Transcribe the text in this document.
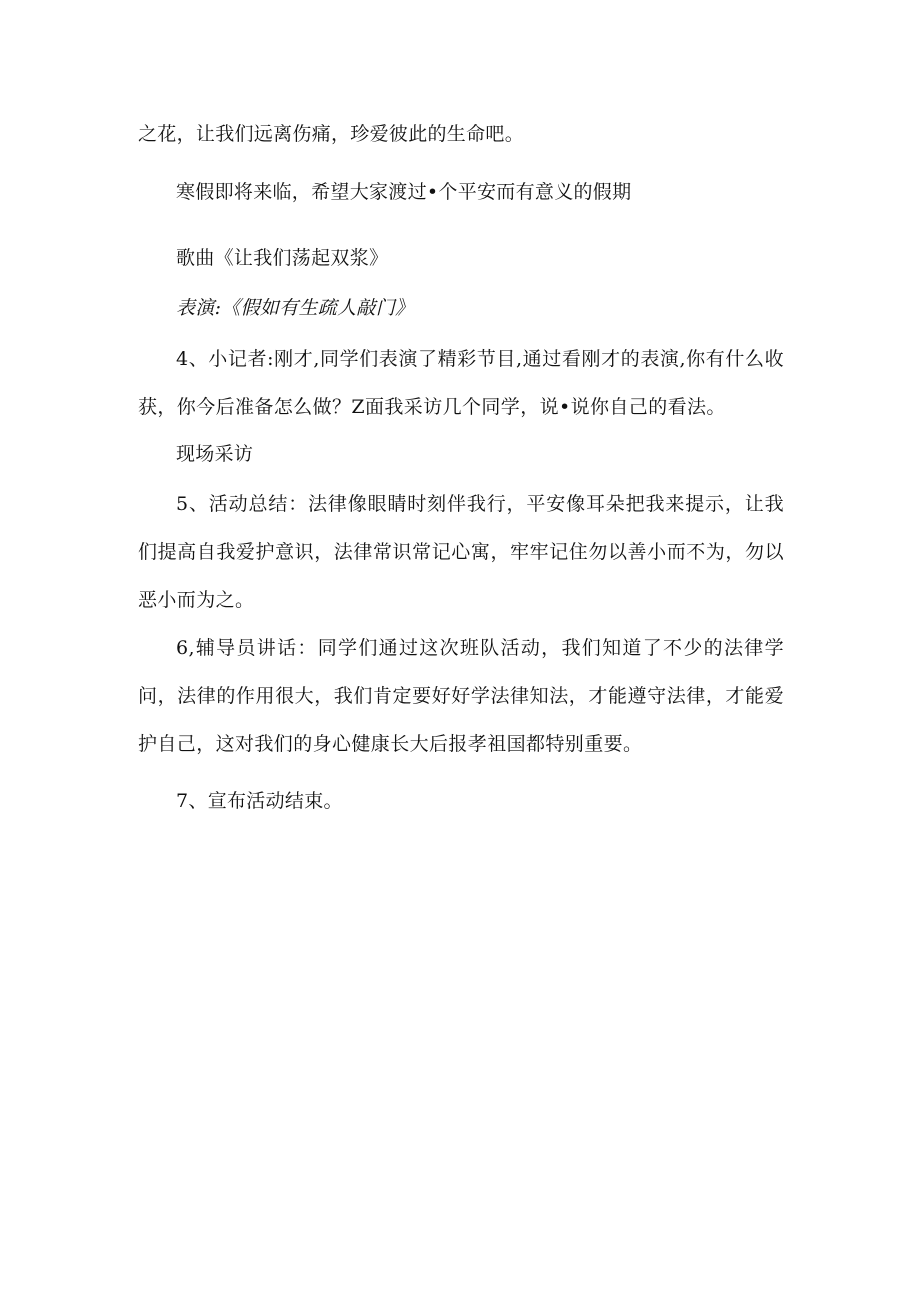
之花，让我们远离伤痛，珍爱彼此的生命吧。
寒假即将来临，希望大家渡过•个平安而有意义的假期
歌曲《让我们荡起双浆》
表演:《假如有生疏人敲门》
4、小记者:刚才,同学们表演了精彩节目,通过看刚才的表演,你有什么收获，你今后准备怎么做？Z面我采访几个同学，说•说你自己的看法。
现场采访
5、活动总结：法律像眼睛时刻伴我行，平安像耳朵把我来提示，让我们提高自我爱护意识，法律常识常记心寓，牢牢记住勿以善小而不为，勿以恶小而为之。
6,辅导员讲话：同学们通过这次班队活动，我们知道了不少的法律学问，法律的作用很大，我们肯定要好好学法律知法，才能遵守法律，才能爱护自己，这对我们的身心健康长大后报孝祖国都特别重要。
7、宣布活动结束。
